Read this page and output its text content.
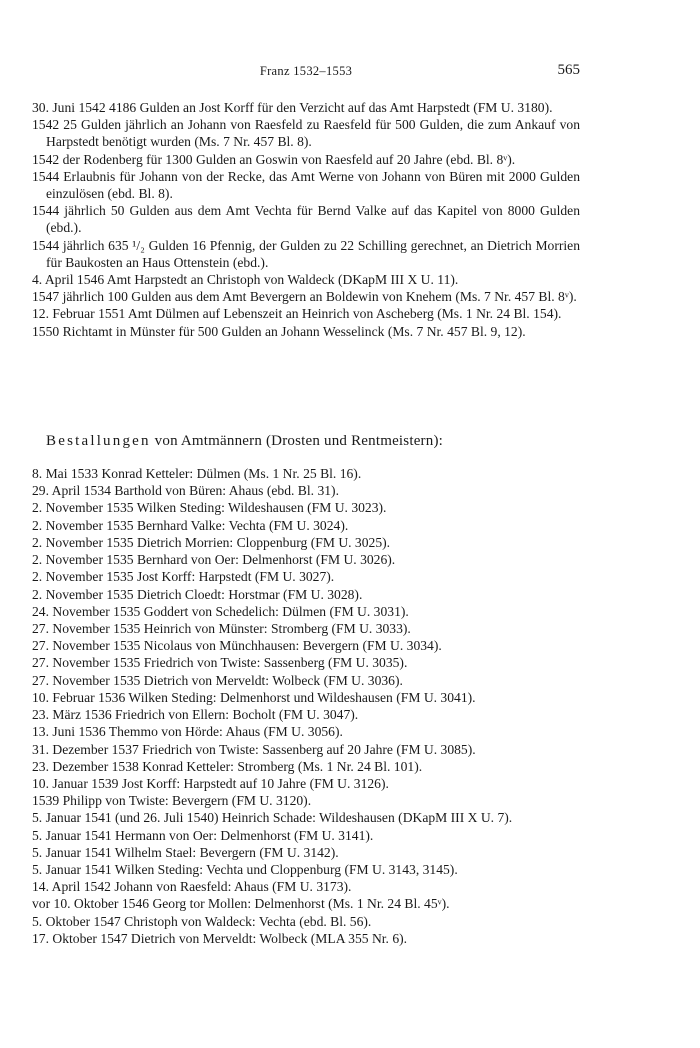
Franz 1532–1553	565
30. Juni 1542 4186 Gulden an Jost Korff für den Verzicht auf das Amt Harpstedt (FM U. 3180).
1542 25 Gulden jährlich an Johann von Raesfeld zu Raesfeld für 500 Gulden, die zum Ankauf von Harpstedt benötigt wurden (Ms. 7 Nr. 457 Bl. 8).
1542 der Rodenberg für 1300 Gulden an Goswin von Raesfeld auf 20 Jahre (ebd. Bl. 8ᵛ).
1544 Erlaubnis für Johann von der Recke, das Amt Werne von Johann von Büren mit 2000 Gulden einzulösen (ebd. Bl. 8).
1544 jährlich 50 Gulden aus dem Amt Vechta für Bernd Valke auf das Kapitel von 8000 Gulden (ebd.).
1544 jährlich 635 ¹/₂ Gulden 16 Pfennig, der Gulden zu 22 Schilling gerechnet, an Dietrich Morrien für Baukosten an Haus Ottenstein (ebd.).
4. April 1546 Amt Harpstedt an Christoph von Waldeck (DKapM III X U. 11).
1547 jährlich 100 Gulden aus dem Amt Bevergern an Boldewin von Knehem (Ms. 7 Nr. 457 Bl. 8ᵛ).
12. Februar 1551 Amt Dülmen auf Lebenszeit an Heinrich von Ascheberg (Ms. 1 Nr. 24 Bl. 154).
1550 Richtamt in Münster für 500 Gulden an Johann Wesselinck (Ms. 7 Nr. 457 Bl. 9, 12).
Bestallungen von Amtmännern (Drosten und Rentmeistern):
8. Mai 1533 Konrad Ketteler: Dülmen (Ms. 1 Nr. 25 Bl. 16).
29. April 1534 Barthold von Büren: Ahaus (ebd. Bl. 31).
2. November 1535 Wilken Steding: Wildeshausen (FM U. 3023).
2. November 1535 Bernhard Valke: Vechta (FM U. 3024).
2. November 1535 Dietrich Morrien: Cloppenburg (FM U. 3025).
2. November 1535 Bernhard von Oer: Delmenhorst (FM U. 3026).
2. November 1535 Jost Korff: Harpstedt (FM U. 3027).
2. November 1535 Dietrich Cloedt: Horstmar (FM U. 3028).
24. November 1535 Goddert von Schedelich: Dülmen (FM U. 3031).
27. November 1535 Heinrich von Münster: Stromberg (FM U. 3033).
27. November 1535 Nicolaus von Münchhausen: Bevergern (FM U. 3034).
27. November 1535 Friedrich von Twiste: Sassenberg (FM U. 3035).
27. November 1535 Dietrich von Merveldt: Wolbeck (FM U. 3036).
10. Februar 1536 Wilken Steding: Delmenhorst und Wildeshausen (FM U. 3041).
23. März 1536 Friedrich von Ellern: Bocholt (FM U. 3047).
13. Juni 1536 Themmo von Hörde: Ahaus (FM U. 3056).
31. Dezember 1537 Friedrich von Twiste: Sassenberg auf 20 Jahre (FM U. 3085).
23. Dezember 1538 Konrad Ketteler: Stromberg (Ms. 1 Nr. 24 Bl. 101).
10. Januar 1539 Jost Korff: Harpstedt auf 10 Jahre (FM U. 3126).
1539 Philipp von Twiste: Bevergern (FM U. 3120).
5. Januar 1541 (und 26. Juli 1540) Heinrich Schade: Wildeshausen (DKapM III X U. 7).
5. Januar 1541 Hermann von Oer: Delmenhorst (FM U. 3141).
5. Januar 1541 Wilhelm Stael: Bevergern (FM U. 3142).
5. Januar 1541 Wilken Steding: Vechta und Cloppenburg (FM U. 3143, 3145).
14. April 1542 Johann von Raesfeld: Ahaus (FM U. 3173).
vor 10. Oktober 1546 Georg tor Mollen: Delmenhorst (Ms. 1 Nr. 24 Bl. 45ᵛ).
5. Oktober 1547 Christoph von Waldeck: Vechta (ebd. Bl. 56).
17. Oktober 1547 Dietrich von Merveldt: Wolbeck (MLA 355 Nr. 6).
